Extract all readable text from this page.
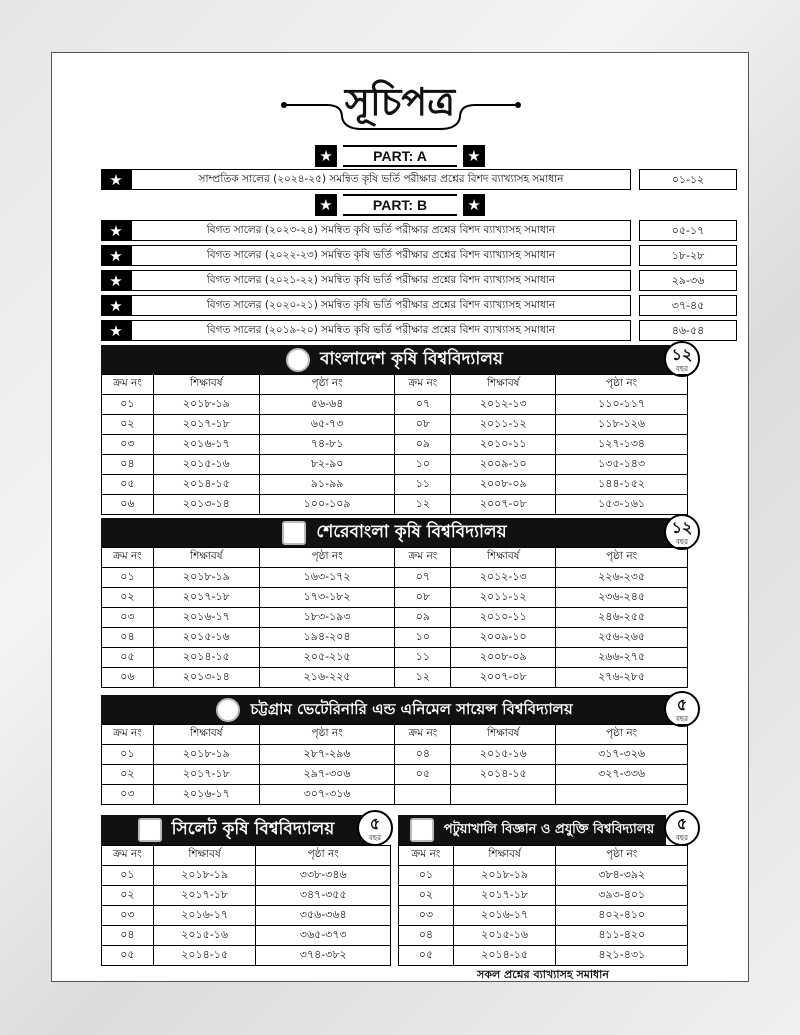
সূচিপত্র
★	PART: A	★
★	সাম্প্রতিক সালের (২০২৪-২৫) সমন্বিত কৃষি ভর্তি পরীক্ষার প্রশ্নের বিশদ ব্যাখ্যাসহ সমাধান	০১-১২
★	PART: B	★
★	বিগত সালের (২০২৩-২৪) সমন্বিত কৃষি ভর্তি পরীক্ষার প্রশ্নের বিশদ ব্যাখ্যাসহ সমাধান	০৫-১৭
★	বিগত সালের (২০২২-২৩) সমন্বিত কৃষি ভর্তি পরীক্ষার প্রশ্নের বিশদ ব্যাখ্যাসহ সমাধান	১৮-২৮
★	বিগত সালের (২০২১-২২) সমন্বিত কৃষি ভর্তি পরীক্ষার প্রশ্নের বিশদ ব্যাখ্যাসহ সমাধান	২৯-৩৬
★	বিগত সালের (২০২০-২১) সমন্বিত কৃষি ভর্তি পরীক্ষার প্রশ্নের বিশদ ব্যাখ্যাসহ সমাধান	৩৭-৪৫
★	বিগত সালের (২০১৯-২০) সমন্বিত কৃষি ভর্তি পরীক্ষার প্রশ্নের বিশদ ব্যাখ্যাসহ সমাধান	৪৬-৫৪
বাংলাদেশ কৃষি বিশ্ববিদ্যালয়	১২
বছর
ক্রম নং	শিক্ষাবর্ষ	পৃষ্ঠা নং	ক্রম নং	শিক্ষাবর্ষ	পৃষ্ঠা নং
০১	২০১৮-১৯	৫৬-৬৪	০৭	২০১২-১৩	১১০-১১৭
০২	২০১৭-১৮	৬৫-৭৩	০৮	২০১১-১২	১১৮-১২৬
০৩	২০১৬-১৭	৭৪-৮১	০৯	২০১০-১১	১২৭-১৩৪
০৪	২০১৫-১৬	৮২-৯০	১০	২০০৯-১০	১৩৫-১৪৩
০৫	২০১৪-১৫	৯১-৯৯	১১	২০০৮-০৯	১৪৪-১৫২
০৬	২০১৩-১৪	১০০-১০৯	১২	২০০৭-০৮	১৫৩-১৬১
শেরেবাংলা কৃষি বিশ্ববিদ্যালয়	১২
বছর
ক্রম নং	শিক্ষাবর্ষ	পৃষ্ঠা নং	ক্রম নং	শিক্ষাবর্ষ	পৃষ্ঠা নং
০১	২০১৮-১৯	১৬৩-১৭২	০৭	২০১২-১৩	২২৬-২৩৫
০২	২০১৭-১৮	১৭৩-১৮২	০৮	২০১১-১২	২৩৬-২৪৫
০৩	২০১৬-১৭	১৮৩-১৯৩	০৯	২০১০-১১	২৪৬-২৫৫
০৪	২০১৫-১৬	১৯৪-২০৪	১০	২০০৯-১০	২৫৬-২৬৫
০৫	২০১৪-১৫	২০৫-২১৫	১১	২০০৮-০৯	২৬৬-২৭৫
০৬	২০১৩-১৪	২১৬-২২৫	১২	২০০৭-০৮	২৭৬-২৮৫
চট্টগ্রাম ভেটেরিনারি এন্ড এনিমেল সায়েন্স বিশ্ববিদ্যালয়	৫
বছর
ক্রম নং	শিক্ষাবর্ষ	পৃষ্ঠা নং	ক্রম নং	শিক্ষাবর্ষ	পৃষ্ঠা নং
০১	২০১৮-১৯	২৮৭-২৯৬	০৪	২০১৫-১৬	৩১৭-৩২৬
০২	২০১৭-১৮	২৯৭-৩০৬	০৫	২০১৪-১৫	৩২৭-৩৩৬
০৩	২০১৬-১৭	৩০৭-৩১৬			
সিলেট কৃষি বিশ্ববিদ্যালয়	৫
বছর
ক্রম নং	শিক্ষাবর্ষ	পৃষ্ঠা নং
০১	২০১৮-১৯	৩৩৮-৩৪৬
০২	২০১৭-১৮	৩৪৭-৩৫৫
০৩	২০১৬-১৭	৩৫৬-৩৬৪
০৪	২০১৫-১৬	৩৬৫-৩৭৩
০৫	২০১৪-১৫	৩৭৪-৩৮২
পটুয়াখালি বিজ্ঞান ও প্রযুক্তি বিশ্ববিদ্যালয়	৫
বছর
ক্রম নং	শিক্ষাবর্ষ	পৃষ্ঠা নং
০১	২০১৮-১৯	৩৮৪-৩৯২
০২	২০১৭-১৮	৩৯৩-৪০১
০৩	২০১৬-১৭	৪০২-৪১০
০৪	২০১৫-১৬	৪১১-৪২০
০৫	২০১৪-১৫	৪২১-৪৩১
সকল প্রশ্নের ব্যাখ্যাসহ সমাধান
